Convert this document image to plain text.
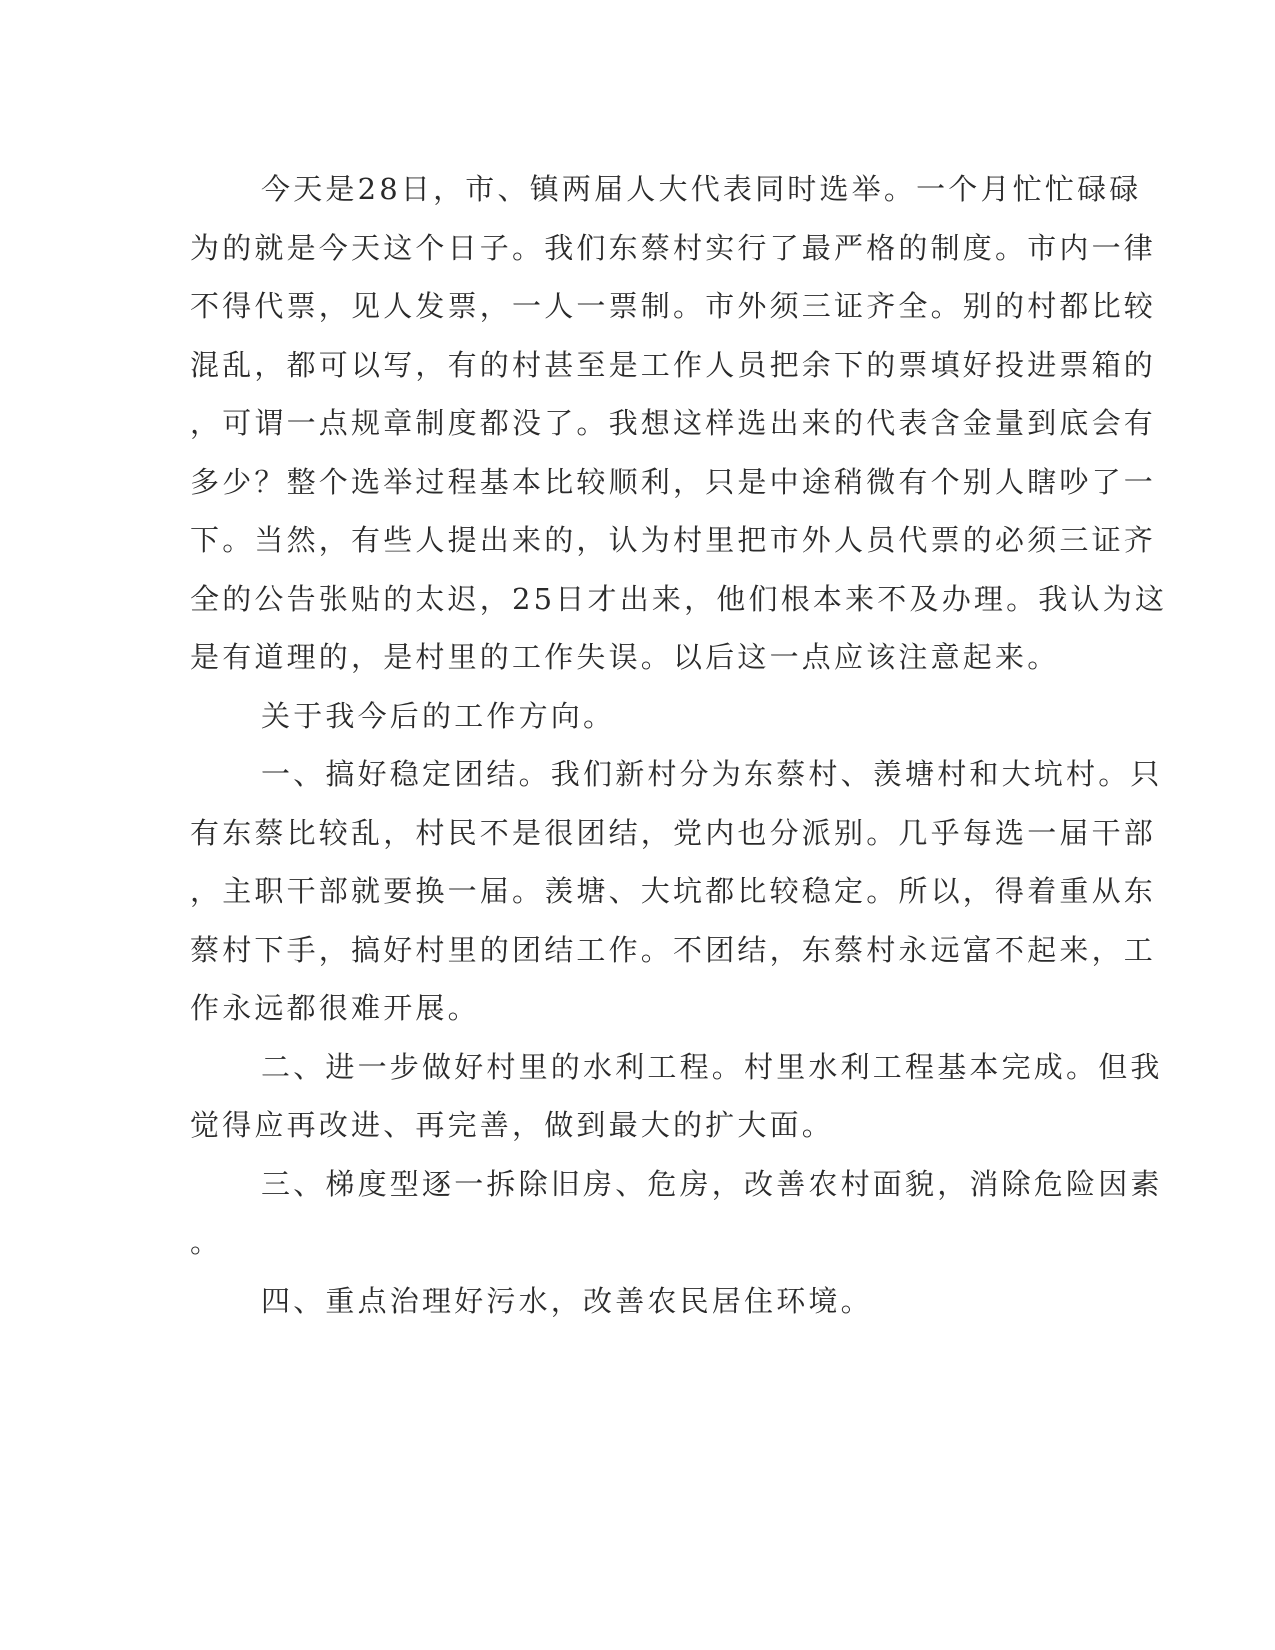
今天是28日，市、镇两届人大代表同时选举。一个月忙忙碌碌
为的就是今天这个日子。我们东蔡村实行了最严格的制度。市内一律
不得代票，见人发票，一人一票制。市外须三证齐全。别的村都比较
混乱，都可以写，有的村甚至是工作人员把余下的票填好投进票箱的
，可谓一点规章制度都没了。我想这样选出来的代表含金量到底会有
多少？整个选举过程基本比较顺利，只是中途稍微有个别人瞎吵了一
下。当然，有些人提出来的，认为村里把市外人员代票的必须三证齐
全的公告张贴的太迟，25日才出来，他们根本来不及办理。我认为这
是有道理的，是村里的工作失误。以后这一点应该注意起来。
关于我今后的工作方向。
一、搞好稳定团结。我们新村分为东蔡村、羡塘村和大坑村。只
有东蔡比较乱，村民不是很团结，党内也分派别。几乎每选一届干部
，主职干部就要换一届。羡塘、大坑都比较稳定。所以，得着重从东
蔡村下手，搞好村里的团结工作。不团结，东蔡村永远富不起来，工
作永远都很难开展。
二、进一步做好村里的水利工程。村里水利工程基本完成。但我
觉得应再改进、再完善，做到最大的扩大面。
三、梯度型逐一拆除旧房、危房，改善农村面貌，消除危险因素
。
四、重点治理好污水，改善农民居住环境。
